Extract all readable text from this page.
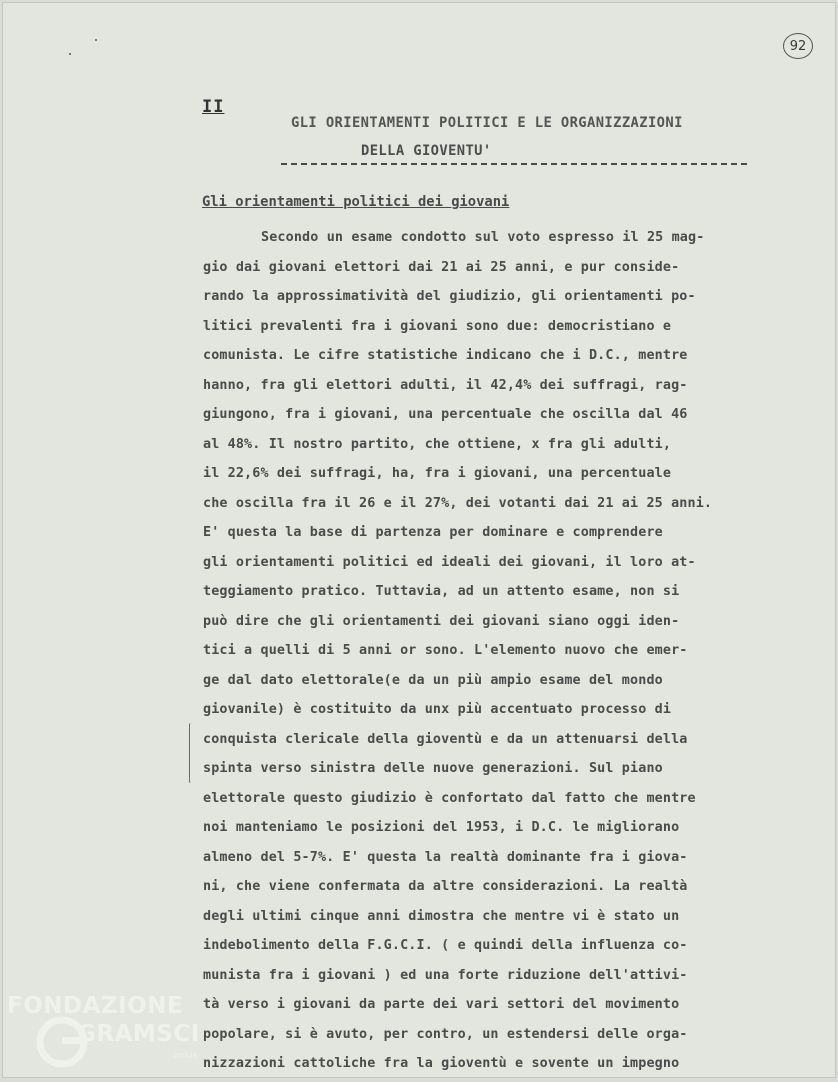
92
II
GLI ORIENTAMENTI POLITICI E LE ORGANIZZAZIONI
DELLA GIOVENTU'
Gli orientamenti politici dei giovani
Secondo un esame condotto sul voto espresso il 25 mag-
gio dai giovani elettori dai 21 ai 25 anni, e pur conside-
rando la approssimatività del giudizio, gli orientamenti po-
litici prevalenti fra i giovani sono due: democristiano e
comunista. Le cifre statistiche indicano che i D.C., mentre
hanno, fra gli elettori adulti, il 42,4% dei suffragi, rag-
giungono, fra i giovani, una percentuale che oscilla dal 46
al 48%. Il nostro partito, che ottiene, x fra gli adulti,
il 22,6% dei suffragi, ha, fra i giovani, una percentuale
che oscilla fra il 26 e il 27%, dei votanti dai 21 ai 25 anni.
E' questa la base di partenza per dominare e comprendere
gli orientamenti politici ed ideali dei giovani, il loro at-
teggiamento pratico. Tuttavia, ad un attento esame, non si
può dire che gli orientamenti dei giovani siano oggi iden-
tici a quelli di 5 anni or sono. L'elemento nuovo che emer-
ge dal dato elettorale(e da un più ampio esame del mondo
giovanile) è costituito da unx più accentuato processo di
conquista clericale della gioventù e da un attenuarsi della
spinta verso sinistra delle nuove generazioni. Sul piano
elettorale questo giudizio è confortato dal fatto che mentre
noi manteniamo le posizioni del 1953, i D.C. le migliorano
almeno del 5-7%. E' questa la realtà dominante fra i giova-
ni, che viene confermata da altre considerazioni. La realtà
degli ultimi cinque anni dimostra che mentre vi è stato un
indebolimento della F.G.C.I. ( e quindi della influenza co-
munista fra i giovani ) ed una forte riduzione dell'attivi-
tà verso i giovani da parte dei vari settori del movimento
popolare, si è avuto, per contro, un estendersi delle orga-
nizzazioni cattoliche fra la gioventù e sovente un impegno
FONDAZIONE
GRAMSCI
onlus
